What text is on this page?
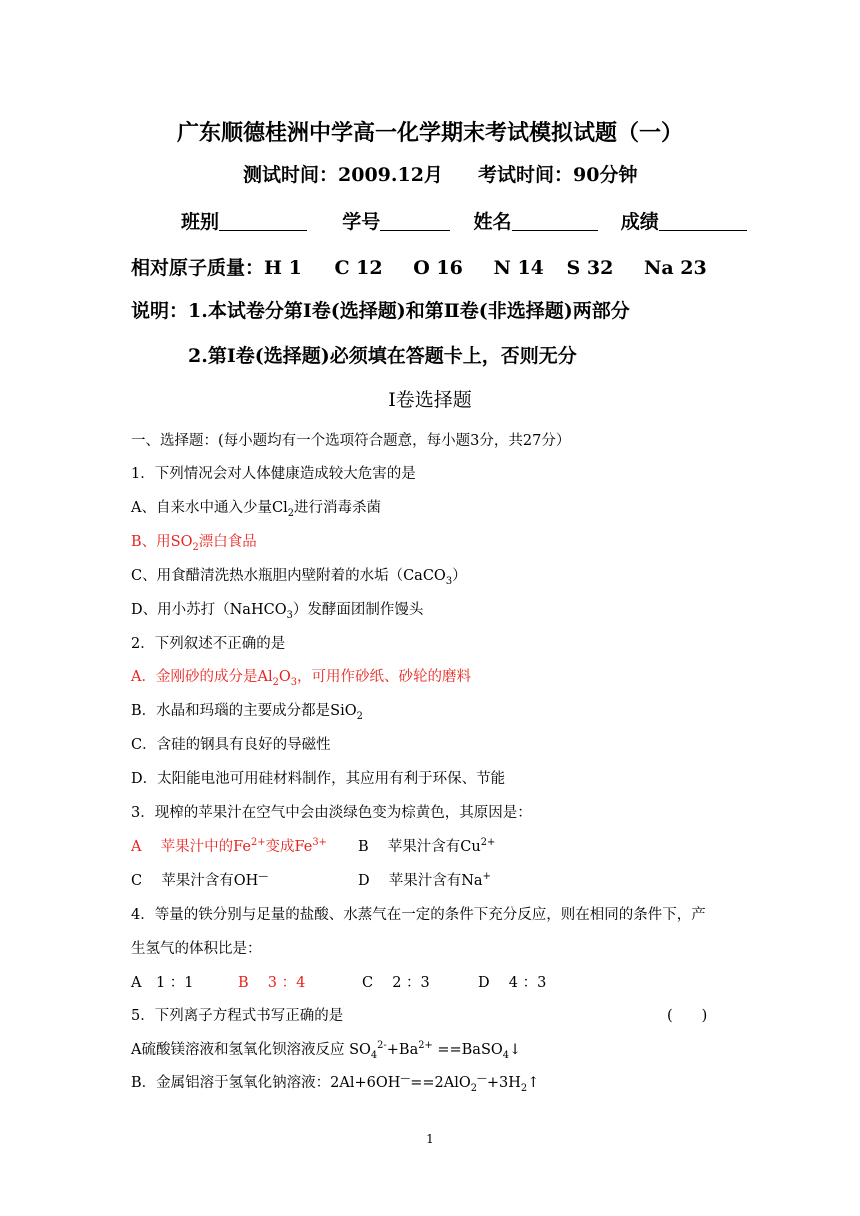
广东顺德桂洲中学高一化学期末考试模拟试题（一）
测试时间：2009.12月 考试时间：90分钟
班别	学号	姓名	成绩
相对原子质量：H 1 C 12 O 16 N 14 S 32 Na 23
说明：1.本试卷分第Ⅰ卷(选择题)和第Ⅱ卷(非选择题)两部分
2.第Ⅰ卷(选择题)必须填在答题卡上，否则无分
Ⅰ卷选择题
一、选择题：(每小题均有一个选项符合题意，每小题3分，共27分）
1．下列情况会对人体健康造成较大危害的是
A、自来水中通入少量$Cl_2$进行消毒杀菌
B、用$SO_2$漂白食品
C、用食醋清洗热水瓶胆内壁附着的水垢（CaCO$_3$）
D、用小苏打（NaHCO$_3$）发酵面团制作馒头
2．下列叙述不正确的是
A．金刚砂的成分是$Al_2O_3$，可用作砂纸、砂轮的磨料
B．水晶和玛瑙的主要成分都是SiO$_2$
C．含硅的钢具有良好的导磁性
D．太阳能电池可用硅材料制作，其应用有利于环保、节能
3．现榨的苹果汁在空气中会由淡绿色变为棕黄色，其原因是：
A　 苹果汁中的$Fe^{2+}$变成$Fe^{3+}$ B　 苹果汁含有$Cu^{2+}$
C　 苹果汁含有OH—	D　 苹果汁含有Na+
4．等量的铁分别与足量的盐酸、水蒸气在一定的条件下充分反应，则在相同的条件下，产
生氢气的体积比是：
A　1 ：1	B　 3 ：4	C　 2 ：3	D　 4 ：3
5．下列离子方程式书写正确的是	(　　)
A硫酸镁溶液和氢氧化钡溶液反应 $SO_4^{2-}+Ba^{2+}$ ==BaSO$_4$↓
B．金属铝溶于氢氧化钠溶液：$2Al+6OH^—==2AlO_2^—+3H_2↑$
1
